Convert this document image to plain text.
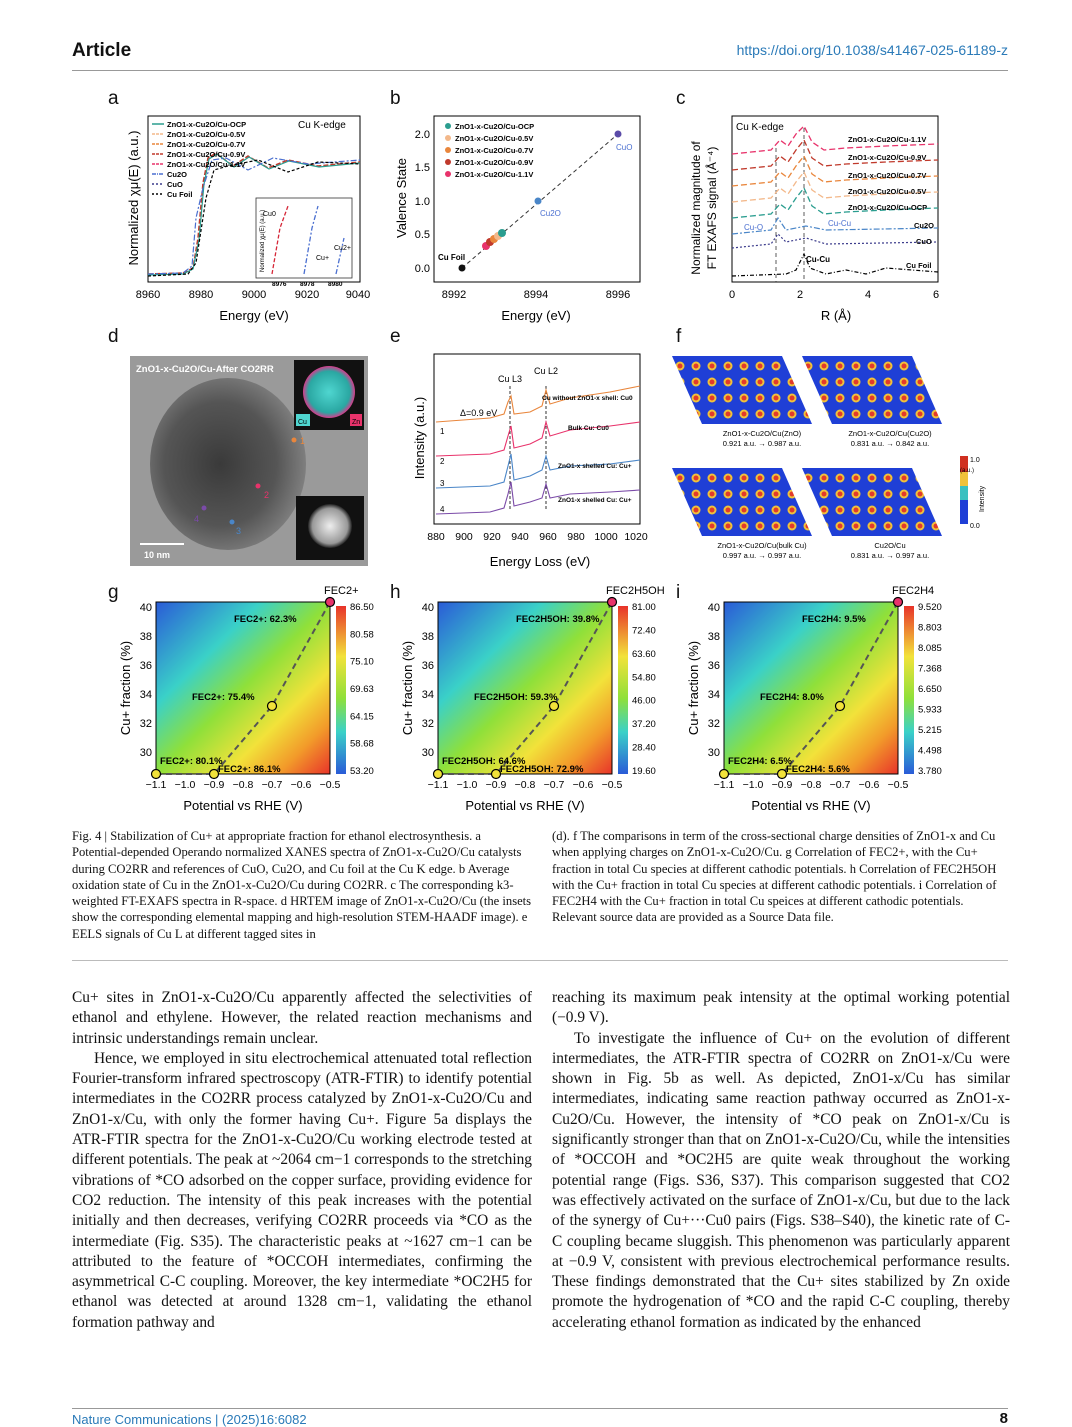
Article	https://doi.org/10.1038/s41467-025-61189-z
a
Cu K-edge
ZnO1-x-Cu2O/Cu-OCP
ZnO1-x-Cu2O/Cu-0.5V
ZnO1-x-Cu2O/Cu-0.7V
ZnO1-x-Cu2O/Cu-0.9V
ZnO1-x-Cu2O/Cu-1.1V
Cu2O
CuO
Cu Foil
Normalized χμ(E) (a.u.)
Cu0
Cu+
Cu2+
8976 8978 8980
8960	8980	9000	9020 9040
Energy (eV)
Normalized χμ(E) (a.u.)
b
ZnO1-x-Cu2O/Cu-OCP
ZnO1-x-Cu2O/Cu-0.5V
ZnO1-x-Cu2O/Cu-0.7V
ZnO1-x-Cu2O/Cu-0.9V
ZnO1-x-Cu2O/Cu-1.1V
CuO
Cu2O
Cu Foil
0.0
0.5
1.0
1.5
2.0
8992	8994	8996
Energy (eV)
Valence State
c
Cu K-edge
ZnO1-x-Cu2O/Cu-1.1V
ZnO1-x-Cu2O/Cu-0.9V
ZnO1-x-Cu2O/Cu-0.7V
ZnO1-x-Cu2O/Cu-0.5V
ZnO1-x-Cu2O/Cu-OCP
Cu2O
CuO
Cu Foil
Cu-O	Cu-Cu
Cu-Cu
0	2	4	6
R (Å)
Normalized magnitude of FT EXAFS signal (Å⁻⁴)
d
Cu	Zn
ZnO1-x-Cu2O/Cu-After CO2RR
10 nm
1
2
3
4
e
1
2
3
4
Cu without ZnO1-x shell: Cu0
Bulk Cu: Cu0
ZnO1-x shelled Cu: Cu+
ZnO1-x shelled Cu: Cu+
Cu L3
Cu L2
Δ=0.9 eV
880 900 920 940 960 980 1000 1020
Energy Loss (eV)
Intensity (a.u.)
f
1.0
0.0
Intensity
(a.u.)
ZnO1-x-Cu2O/Cu(ZnO)
0.921 a.u. → 0.987 a.u.
ZnO1-x-Cu2O/Cu(Cu2O)
0.831 a.u. → 0.842 a.u.
ZnO1-x-Cu2O/Cu(bulk Cu)
0.997 a.u. → 0.997 a.u.
Cu2O/Cu
0.831 a.u. → 0.997 a.u.
g
FEC2+: 62.3%
FEC2+: 75.4%
FEC2+: 80.1%
FEC2+: 86.1%
FEC2+
86.50
80.58
75.10
69.63
64.15
58.68
53.20
30
32
34
36
38
40
−1.1 −1.0 −0.9 −0.8 −0.7 −0.6 −0.5
Potential vs RHE (V)
Cu+ fraction (%)
h
FEC2H5OH: 39.8%
FEC2H5OH: 59.3%
FEC2H5OH: 64.6%
FEC2H5OH: 72.9%
FEC2H5OH
81.00
72.40
63.60
54.80
46.00
37.20
28.40
19.60
30
32
34
36
38
40
−1.1 −1.0 −0.9 −0.8 −0.7 −0.6 −0.5
Potential vs RHE (V)
Cu+ fraction (%)
i
FEC2H4: 9.5%
FEC2H4: 8.0%
FEC2H4: 6.5%
FEC2H4: 5.6%
FEC2H4
9.520
8.803
8.085
7.368
6.650
5.933
5.215
4.498
3.780
30
32
34
36
38
40
−1.1 −1.0 −0.9 −0.8 −0.7 −0.6 −0.5
Potential vs RHE (V)
Cu+ fraction (%)

Fig. 4 | Stabilization of Cu+ at appropriate fraction for ethanol electrosynthesis. a Potential-depended Operando normalized XANES spectra of ZnO1-x-Cu2O/Cu catalysts during CO2RR and references of CuO, Cu2O, and Cu foil at the Cu K edge. b Average oxidation state of Cu in the ZnO1-x-Cu2O/Cu during CO2RR. c The corresponding k3-weighted FT-EXAFS spectra in R-space. d HRTEM image of ZnO1-x-Cu2O/Cu (the insets show the corresponding elemental mapping and high-resolution STEM-HAADF image). e EELS signals of Cu L at different tagged sites in

(d). f The comparisons in term of the cross-sectional charge densities of ZnO1-x and Cu when applying charges on ZnO1-x-Cu2O/Cu. g Correlation of FEC2+, with the Cu+ fraction in total Cu species at different cathodic potentials. h Correlation of FEC2H5OH with the Cu+ fraction in total Cu species at different cathodic potentials. i Correlation of FEC2H4 with the Cu+ fraction in total Cu speices at different cathodic potentials. Relevant source data are provided as a Source Data file.

Cu+ sites in ZnO1-x-Cu2O/Cu apparently affected the selectivities of ethanol and ethylene. However, the related reaction mechanisms and intrinsic understandings remain unclear.

Hence, we employed in situ electrochemical attenuated total reflection Fourier-transform infrared spectroscopy (ATR-FTIR) to identify potential intermediates in the CO2RR process catalyzed by ZnO1-x-Cu2O/Cu and ZnO1-x/Cu, with only the former having Cu+. Figure 5a displays the ATR-FTIR spectra for the ZnO1-x-Cu2O/Cu working electrode tested at different potentials. The peak at ~2064 cm−1 corresponds to the stretching vibrations of *CO adsorbed on the copper surface, providing evidence for CO2 reduction. The intensity of this peak increases with the potential initially and then decreases, verifying CO2RR proceeds via *CO as the intermediate (Fig. S35). The characteristic peaks at ~1627 cm−1 can be attributed to the feature of *OCCOH intermediates, confirming the asymmetrical C-C coupling. Moreover, the key intermediate *OC2H5 for ethanol was detected at around 1328 cm−1, validating the ethanol formation pathway and

reaching its maximum peak intensity at the optimal working potential (−0.9 V).

To investigate the influence of Cu+ on the evolution of different intermediates, the ATR-FTIR spectra of CO2RR on ZnO1-x/Cu were shown in Fig. 5b as well. As depicted, ZnO1-x/Cu has similar intermediates, indicating same reaction pathway occurred as ZnO1-x-Cu2O/Cu. However, the intensity of *CO peak on ZnO1-x/Cu is significantly stronger than that on ZnO1-x-Cu2O/Cu, while the intensities of *OCCOH and *OC2H5 are quite weak throughout the working potential range (Figs. S36, S37). This comparison suggested that CO2 was effectively activated on the surface of ZnO1-x/Cu, but due to the lack of the synergy of Cu+···Cu0 pairs (Figs. S38–S40), the kinetic rate of C-C coupling became sluggish. This phenomenon was particularly apparent at −0.9 V, consistent with previous electrochemical performance results. These findings demonstrated that the Cu+ sites stabilized by Zn oxide promote the hydrogenation of *CO and the rapid C-C coupling, thereby accelerating ethanol formation as indicated by the enhanced

Nature Communications | (2025)16:6082	8
